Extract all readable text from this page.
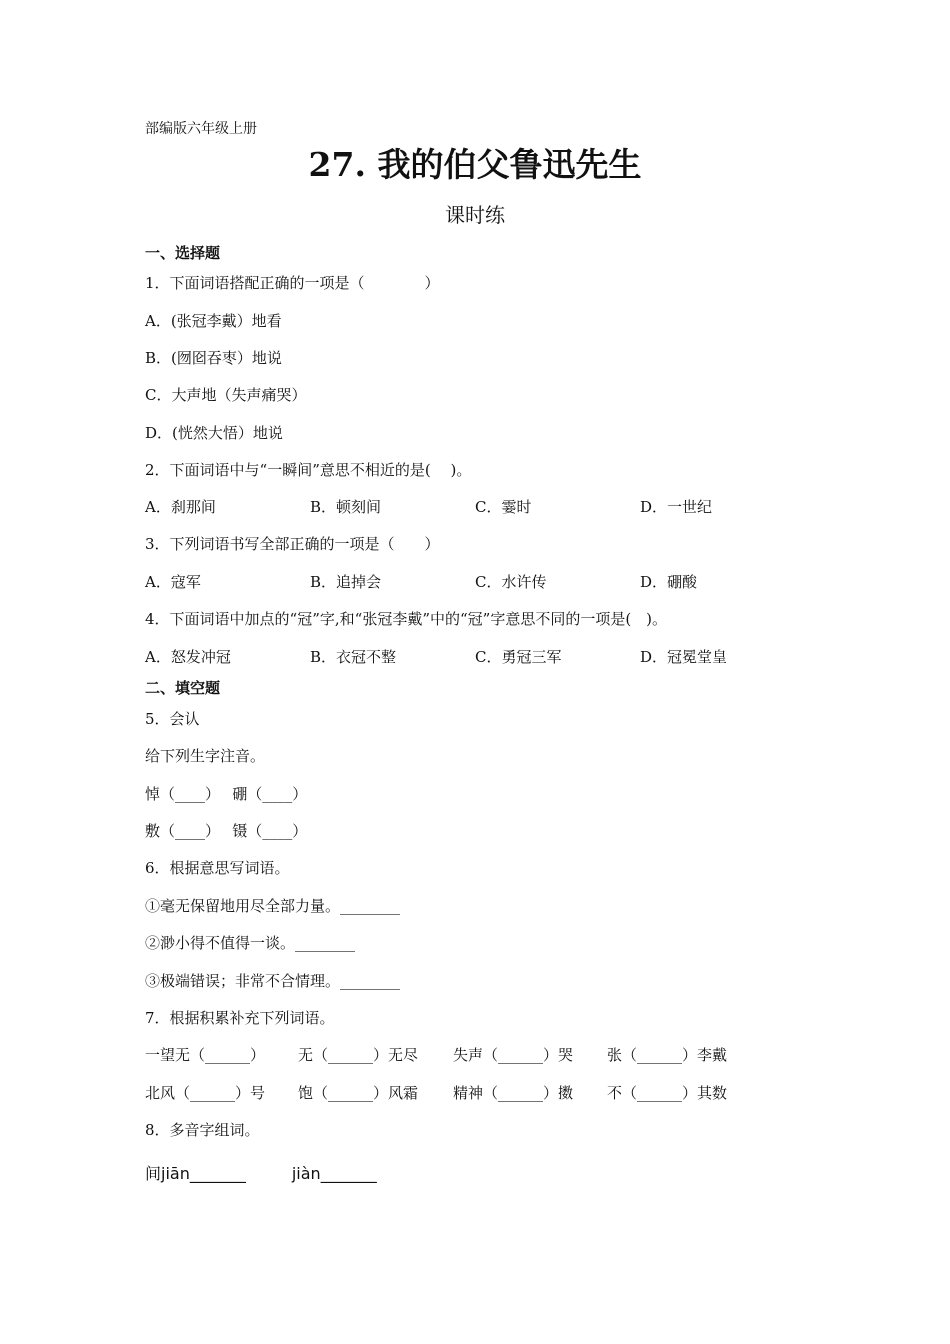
部编版六年级上册
27. 我的伯父鲁迅先生
课时练
一、选择题
1．下面词语搭配正确的一项是（　　　　）
A．(张冠李戴）地看
B．(囫囵吞枣）地说
C．大声地（失声痛哭）
D．(恍然大悟）地说
2．下面词语中与“一瞬间”意思不相近的是(　 )。
A．刹那间	B．顿刻间	C．霎时	D．一世纪
3．下列词语书写全部正确的一项是（　　）
A．寇军	B．追掉会	C．水许传	D．硼酸
4．下面词语中加点的“冠”字,和“张冠李戴”中的“冠”字意思不同的一项是(　)。
A．怒发冲冠	B．衣冠不整	C．勇冠三军	D．冠冕堂皇
二、填空题
5．会认
给下列生字注音。
悼（____）　 硼（____）
敷（____）　 镊（____）
6．根据意思写词语。
①毫无保留地用尽全部力量。________
②渺小得不值得一谈。________
③极端错误；非常不合情理。________
7．根据积累补充下列词语。
一望无（______） 无（______）无尽 失声（______）哭 张（______）李戴
北风（______）号 饱（______）风霜 精神（______）擞 不（______）其数
8．多音字组词。
间jiān_______	jiàn_______
